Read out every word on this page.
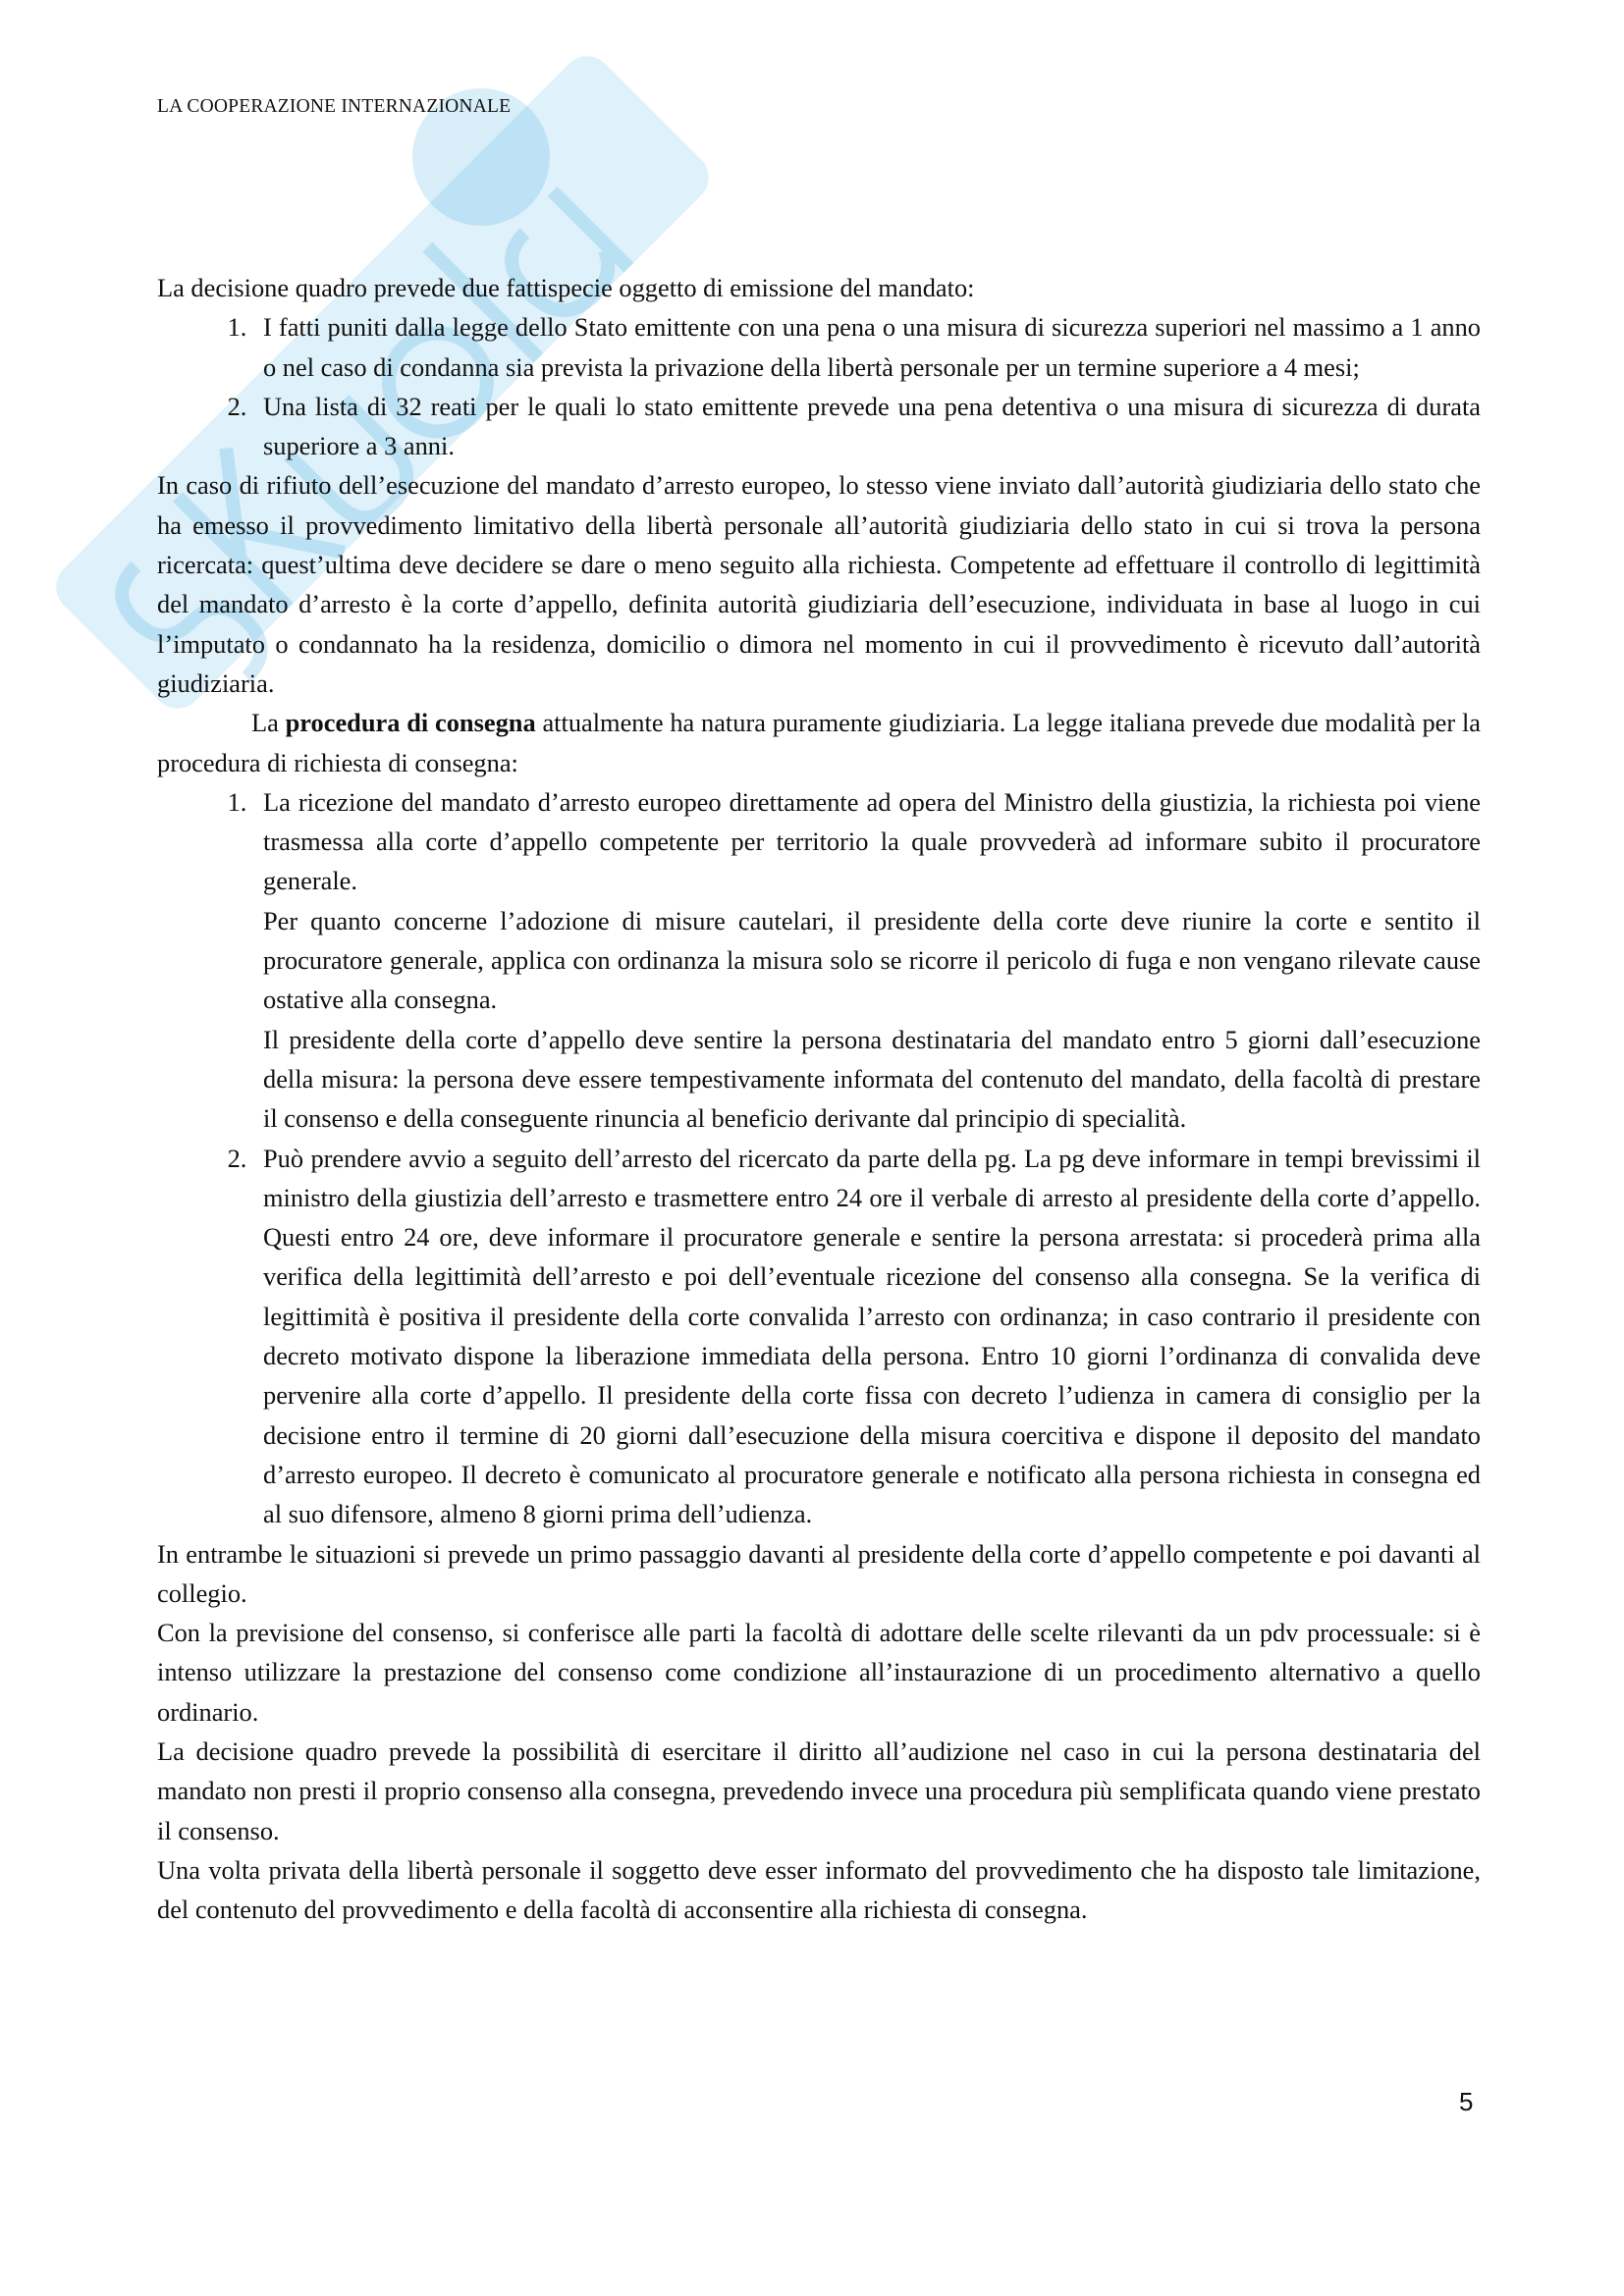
LA COOPERAZIONE INTERNAZIONALE

La decisione quadro prevede due fattispecie oggetto di emissione del mandato:

1. I fatti puniti dalla legge dello Stato emittente con una pena o una misura di sicurezza superiori nel massimo a 1 anno o nel caso di condanna sia prevista la privazione della libertà personale per un termine superiore a 4 mesi;

2. Una lista di 32 reati per le quali lo stato emittente prevede una pena detentiva o una misura di sicurezza di durata superiore a 3 anni.

In caso di rifiuto dell’esecuzione del mandato d’arresto europeo, lo stesso viene inviato dall’autorità giudiziaria dello stato che ha emesso il provvedimento limitativo della libertà personale all’autorità giudiziaria dello stato in cui si trova la persona ricercata: quest’ultima deve decidere se dare o meno seguito alla richiesta. Competente ad effettuare il controllo di legittimità del mandato d’arresto è la corte d’appello, definita autorità giudiziaria dell’esecuzione, individuata in base al luogo in cui l’imputato o condannato ha la residenza, domicilio o dimora nel momento in cui il provvedimento è ricevuto dall’autorità giudiziaria.

La procedura di consegna attualmente ha natura puramente giudiziaria. La legge italiana prevede due modalità per la procedura di richiesta di consegna:

1. La ricezione del mandato d’arresto europeo direttamente ad opera del Ministro della giustizia, la richiesta poi viene trasmessa alla corte d’appello competente per territorio la quale provvederà ad informare subito il procuratore generale.

Per quanto concerne l’adozione di misure cautelari, il presidente della corte deve riunire la corte e sentito il procuratore generale, applica con ordinanza la misura solo se ricorre il pericolo di fuga e non vengano rilevate cause ostative alla consegna.

Il presidente della corte d’appello deve sentire la persona destinataria del mandato entro 5 giorni dall’esecuzione della misura: la persona deve essere tempestivamente informata del contenuto del mandato, della facoltà di prestare il consenso e della conseguente rinuncia al beneficio derivante dal principio di specialità.

2. Può prendere avvio a seguito dell’arresto del ricercato da parte della pg. La pg deve informare in tempi brevissimi il ministro della giustizia dell’arresto e trasmettere entro 24 ore il verbale di arresto al presidente della corte d’appello. Questi entro 24 ore, deve informare il procuratore generale e sentire la persona arrestata: si procederà prima alla verifica della legittimità dell’arresto e poi dell’eventuale ricezione del consenso alla consegna. Se la verifica di legittimità è positiva il presidente della corte convalida l’arresto con ordinanza; in caso contrario il presidente con decreto motivato dispone la liberazione immediata della persona. Entro 10 giorni l’ordinanza di convalida deve pervenire alla corte d’appello. Il presidente della corte fissa con decreto l’udienza in camera di consiglio per la decisione entro il termine di 20 giorni dall’esecuzione della misura coercitiva e dispone il deposito del mandato d’arresto europeo. Il decreto è comunicato al procuratore generale e notificato alla persona richiesta in consegna ed al suo difensore, almeno 8 giorni prima dell’udienza.

In entrambe le situazioni si prevede un primo passaggio davanti al presidente della corte d’appello competente e poi davanti al collegio.

Con la previsione del consenso, si conferisce alle parti la facoltà di adottare delle scelte rilevanti da un pdv processuale: si è intenso utilizzare la prestazione del consenso come condizione all’instaurazione di un procedimento alternativo a quello ordinario.

La decisione quadro prevede la possibilità di esercitare il diritto all’audizione nel caso in cui la persona destinataria del mandato non presti il proprio consenso alla consegna, prevedendo invece una procedura più semplificata quando viene prestato il consenso.

Una volta privata della libertà personale il soggetto deve esser informato del provvedimento che ha disposto tale limitazione, del contenuto del provvedimento e della facoltà di acconsentire alla richiesta di consegna.

5
